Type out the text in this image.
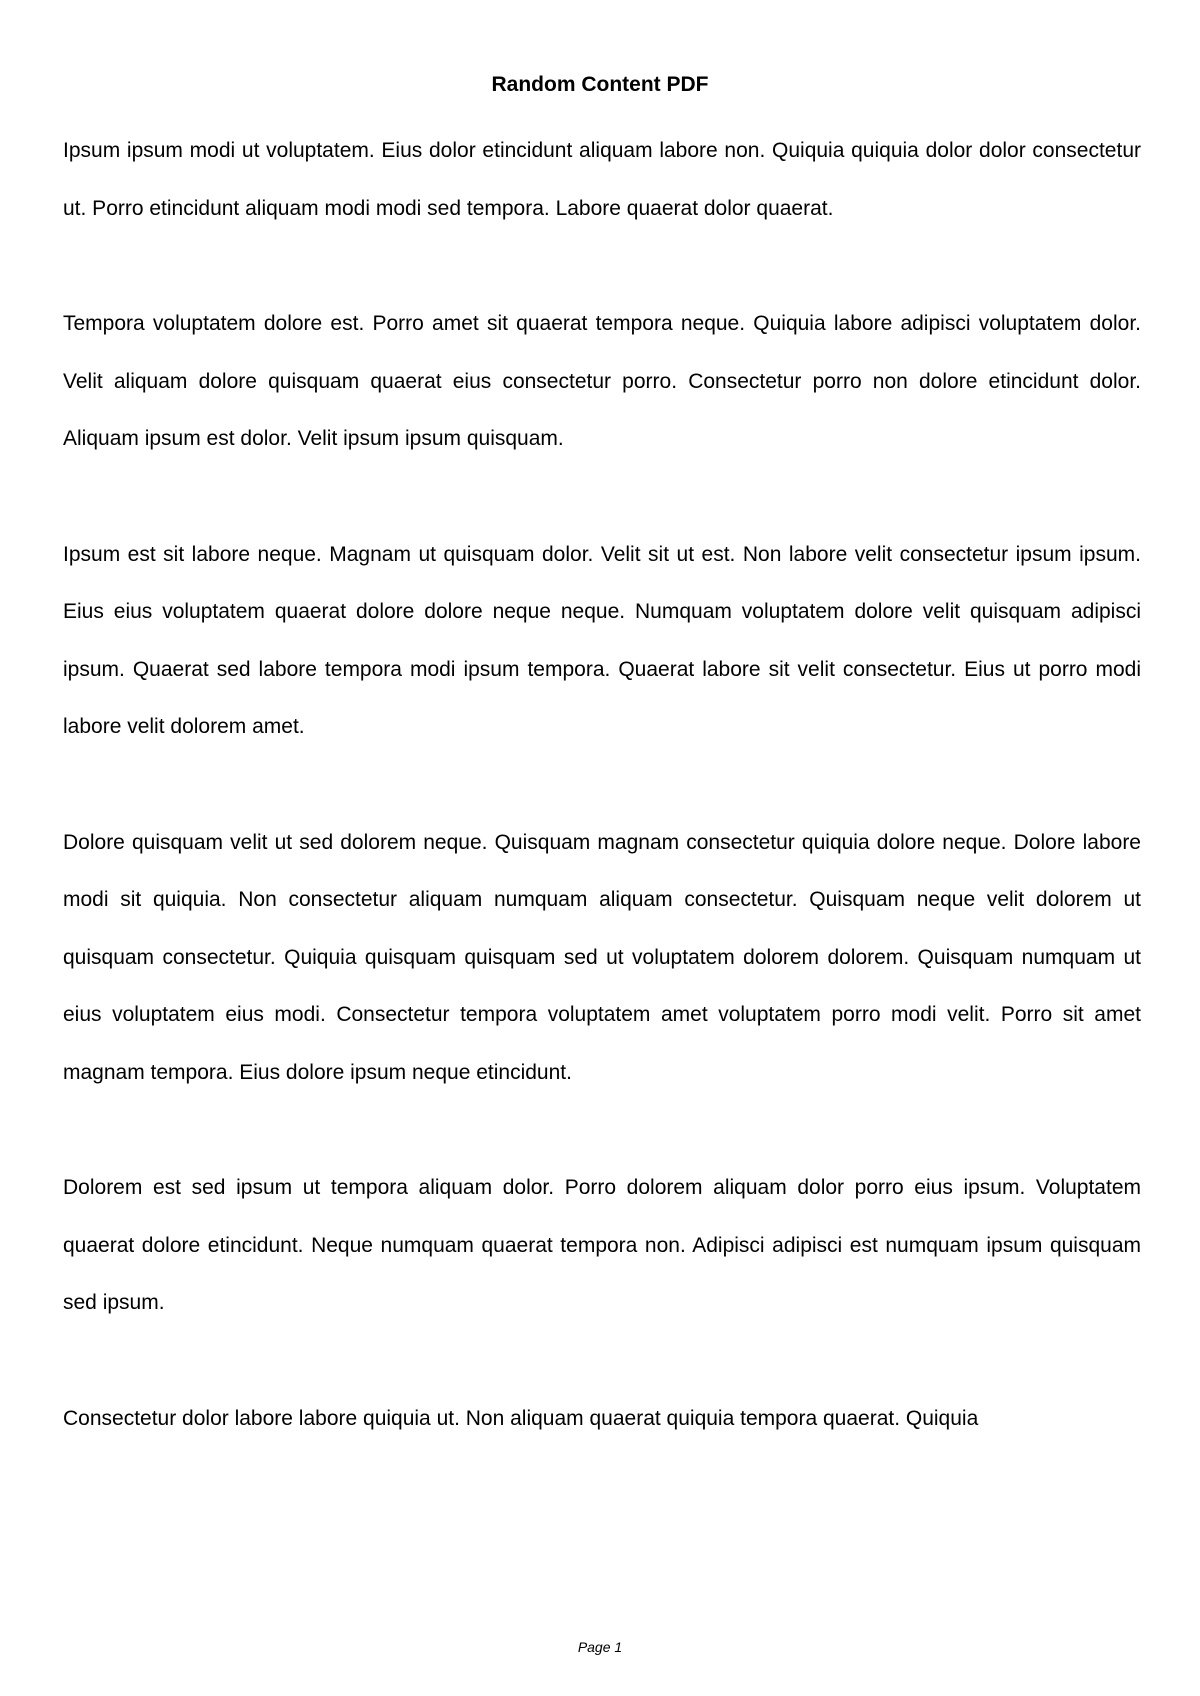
Random Content PDF

Ipsum ipsum modi ut voluptatem. Eius dolor etincidunt aliquam labore non. Quiquia quiquia dolor dolor consectetur ut. Porro etincidunt aliquam modi modi sed tempora. Labore quaerat dolor quaerat.

Tempora voluptatem dolore est. Porro amet sit quaerat tempora neque. Quiquia labore adipisci voluptatem dolor. Velit aliquam dolore quisquam quaerat eius consectetur porro. Consectetur porro non dolore etincidunt dolor. Aliquam ipsum est dolor. Velit ipsum ipsum quisquam.

Ipsum est sit labore neque. Magnam ut quisquam dolor. Velit sit ut est. Non labore velit consectetur ipsum ipsum. Eius eius voluptatem quaerat dolore dolore neque neque. Numquam voluptatem dolore velit quisquam adipisci ipsum. Quaerat sed labore tempora modi ipsum tempora. Quaerat labore sit velit consectetur. Eius ut porro modi labore velit dolorem amet.

Dolore quisquam velit ut sed dolorem neque. Quisquam magnam consectetur quiquia dolore neque. Dolore labore modi sit quiquia. Non consectetur aliquam numquam aliquam consectetur. Quisquam neque velit dolorem ut quisquam consectetur. Quiquia quisquam quisquam sed ut voluptatem dolorem dolorem. Quisquam numquam ut eius voluptatem eius modi. Consectetur tempora voluptatem amet voluptatem porro modi velit. Porro sit amet magnam tempora. Eius dolore ipsum neque etincidunt.

Dolorem est sed ipsum ut tempora aliquam dolor. Porro dolorem aliquam dolor porro eius ipsum. Voluptatem quaerat dolore etincidunt. Neque numquam quaerat tempora non. Adipisci adipisci est numquam ipsum quisquam sed ipsum.

Consectetur dolor labore labore quiquia ut. Non aliquam quaerat quiquia tempora quaerat. Quiquia

Page 1
